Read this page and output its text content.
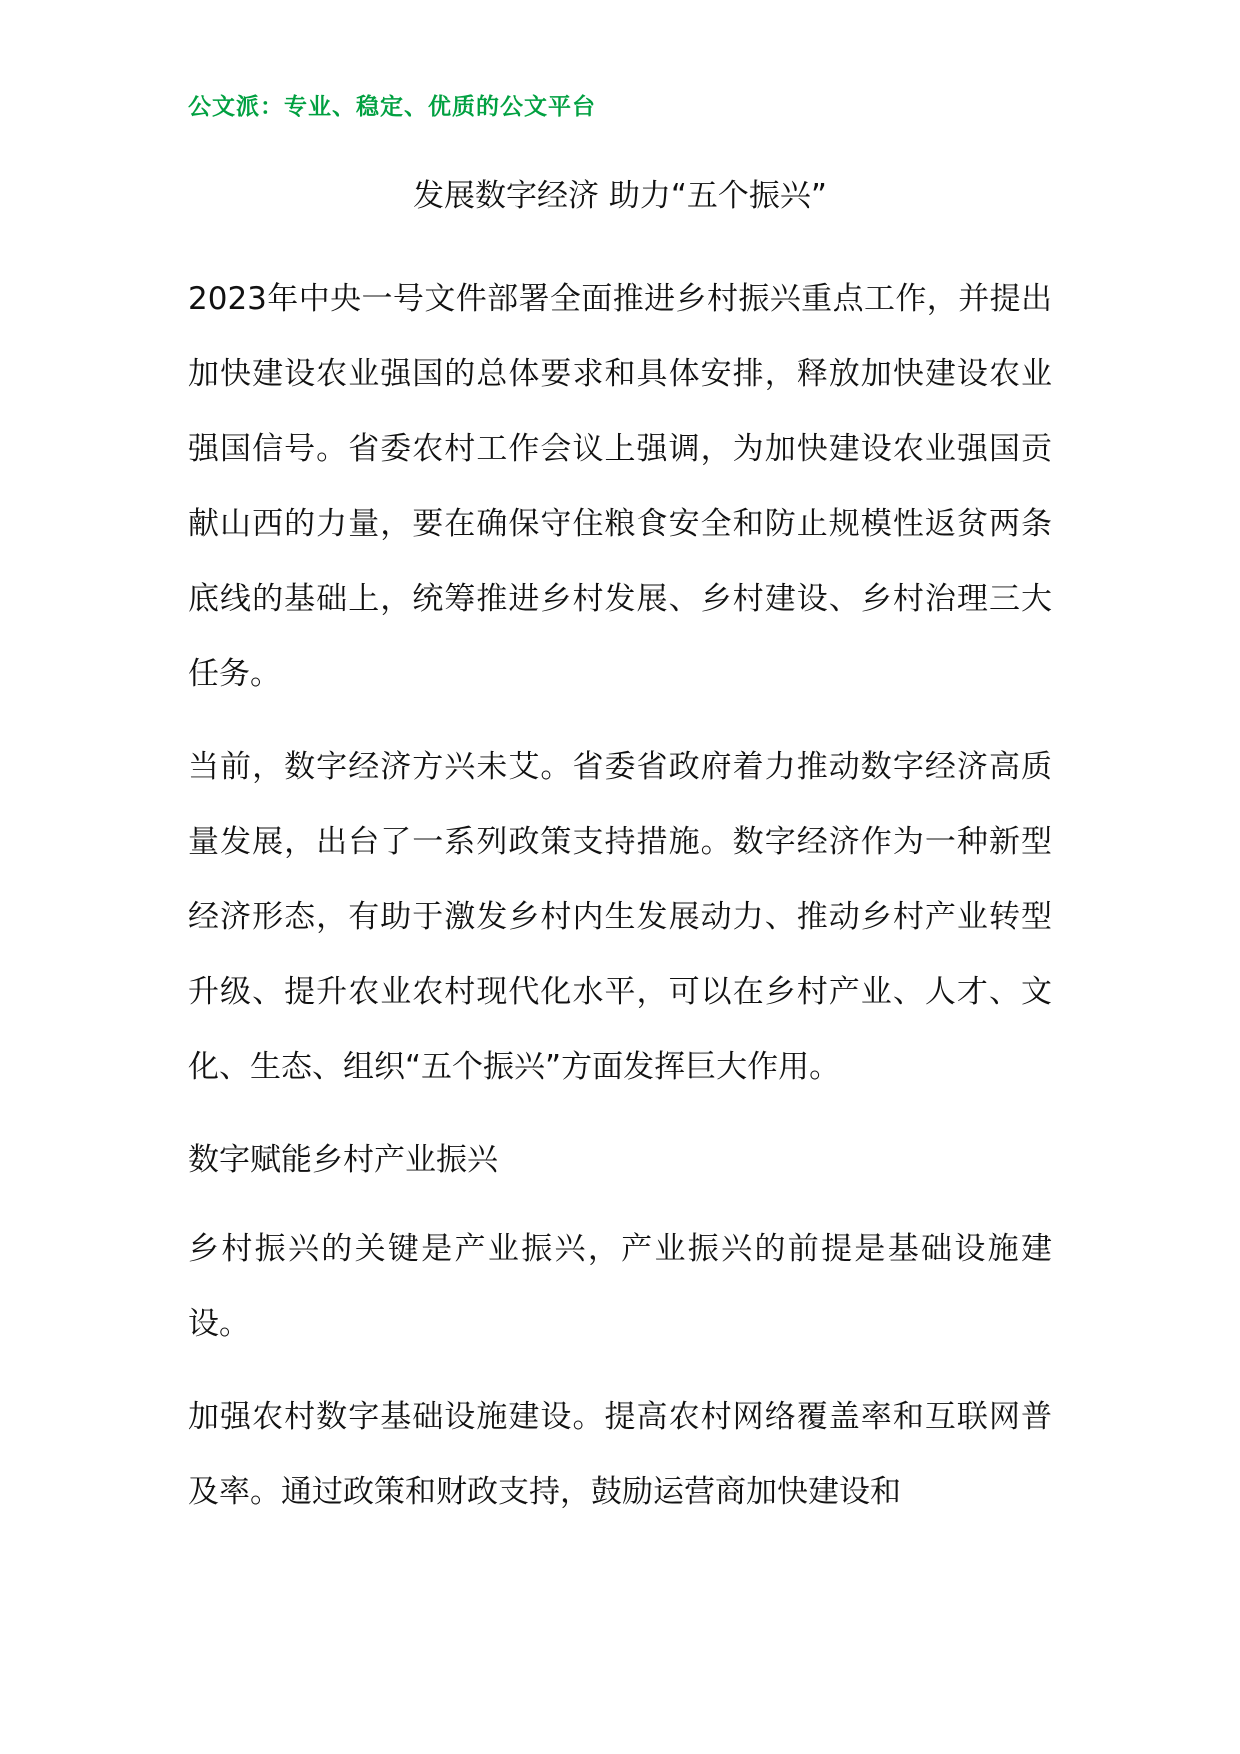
公文派：专业、稳定、优质的公文平台
发展数字经济 助力“五个振兴”

2023年中央一号文件部署全面推进乡村振兴重点工作，并提出加快建设农业强国的总体要求和具体安排，释放加快建设农业强国信号。省委农村工作会议上强调，为加快建设农业强国贡献山西的力量，要在确保守住粮食安全和防止规模性返贫两条底线的基础上，统筹推进乡村发展、乡村建设、乡村治理三大任务。

当前，数字经济方兴未艾。省委省政府着力推动数字经济高质量发展，出台了一系列政策支持措施。数字经济作为一种新型经济形态，有助于激发乡村内生发展动力、推动乡村产业转型升级、提升农业农村现代化水平，可以在乡村产业、人才、文化、生态、组织“五个振兴”方面发挥巨大作用。

数字赋能乡村产业振兴

乡村振兴的关键是产业振兴，产业振兴的前提是基础设施建设。

加强农村数字基础设施建设。提高农村网络覆盖率和互联网普及率。通过政策和财政支持，鼓励运营商加快建设和
